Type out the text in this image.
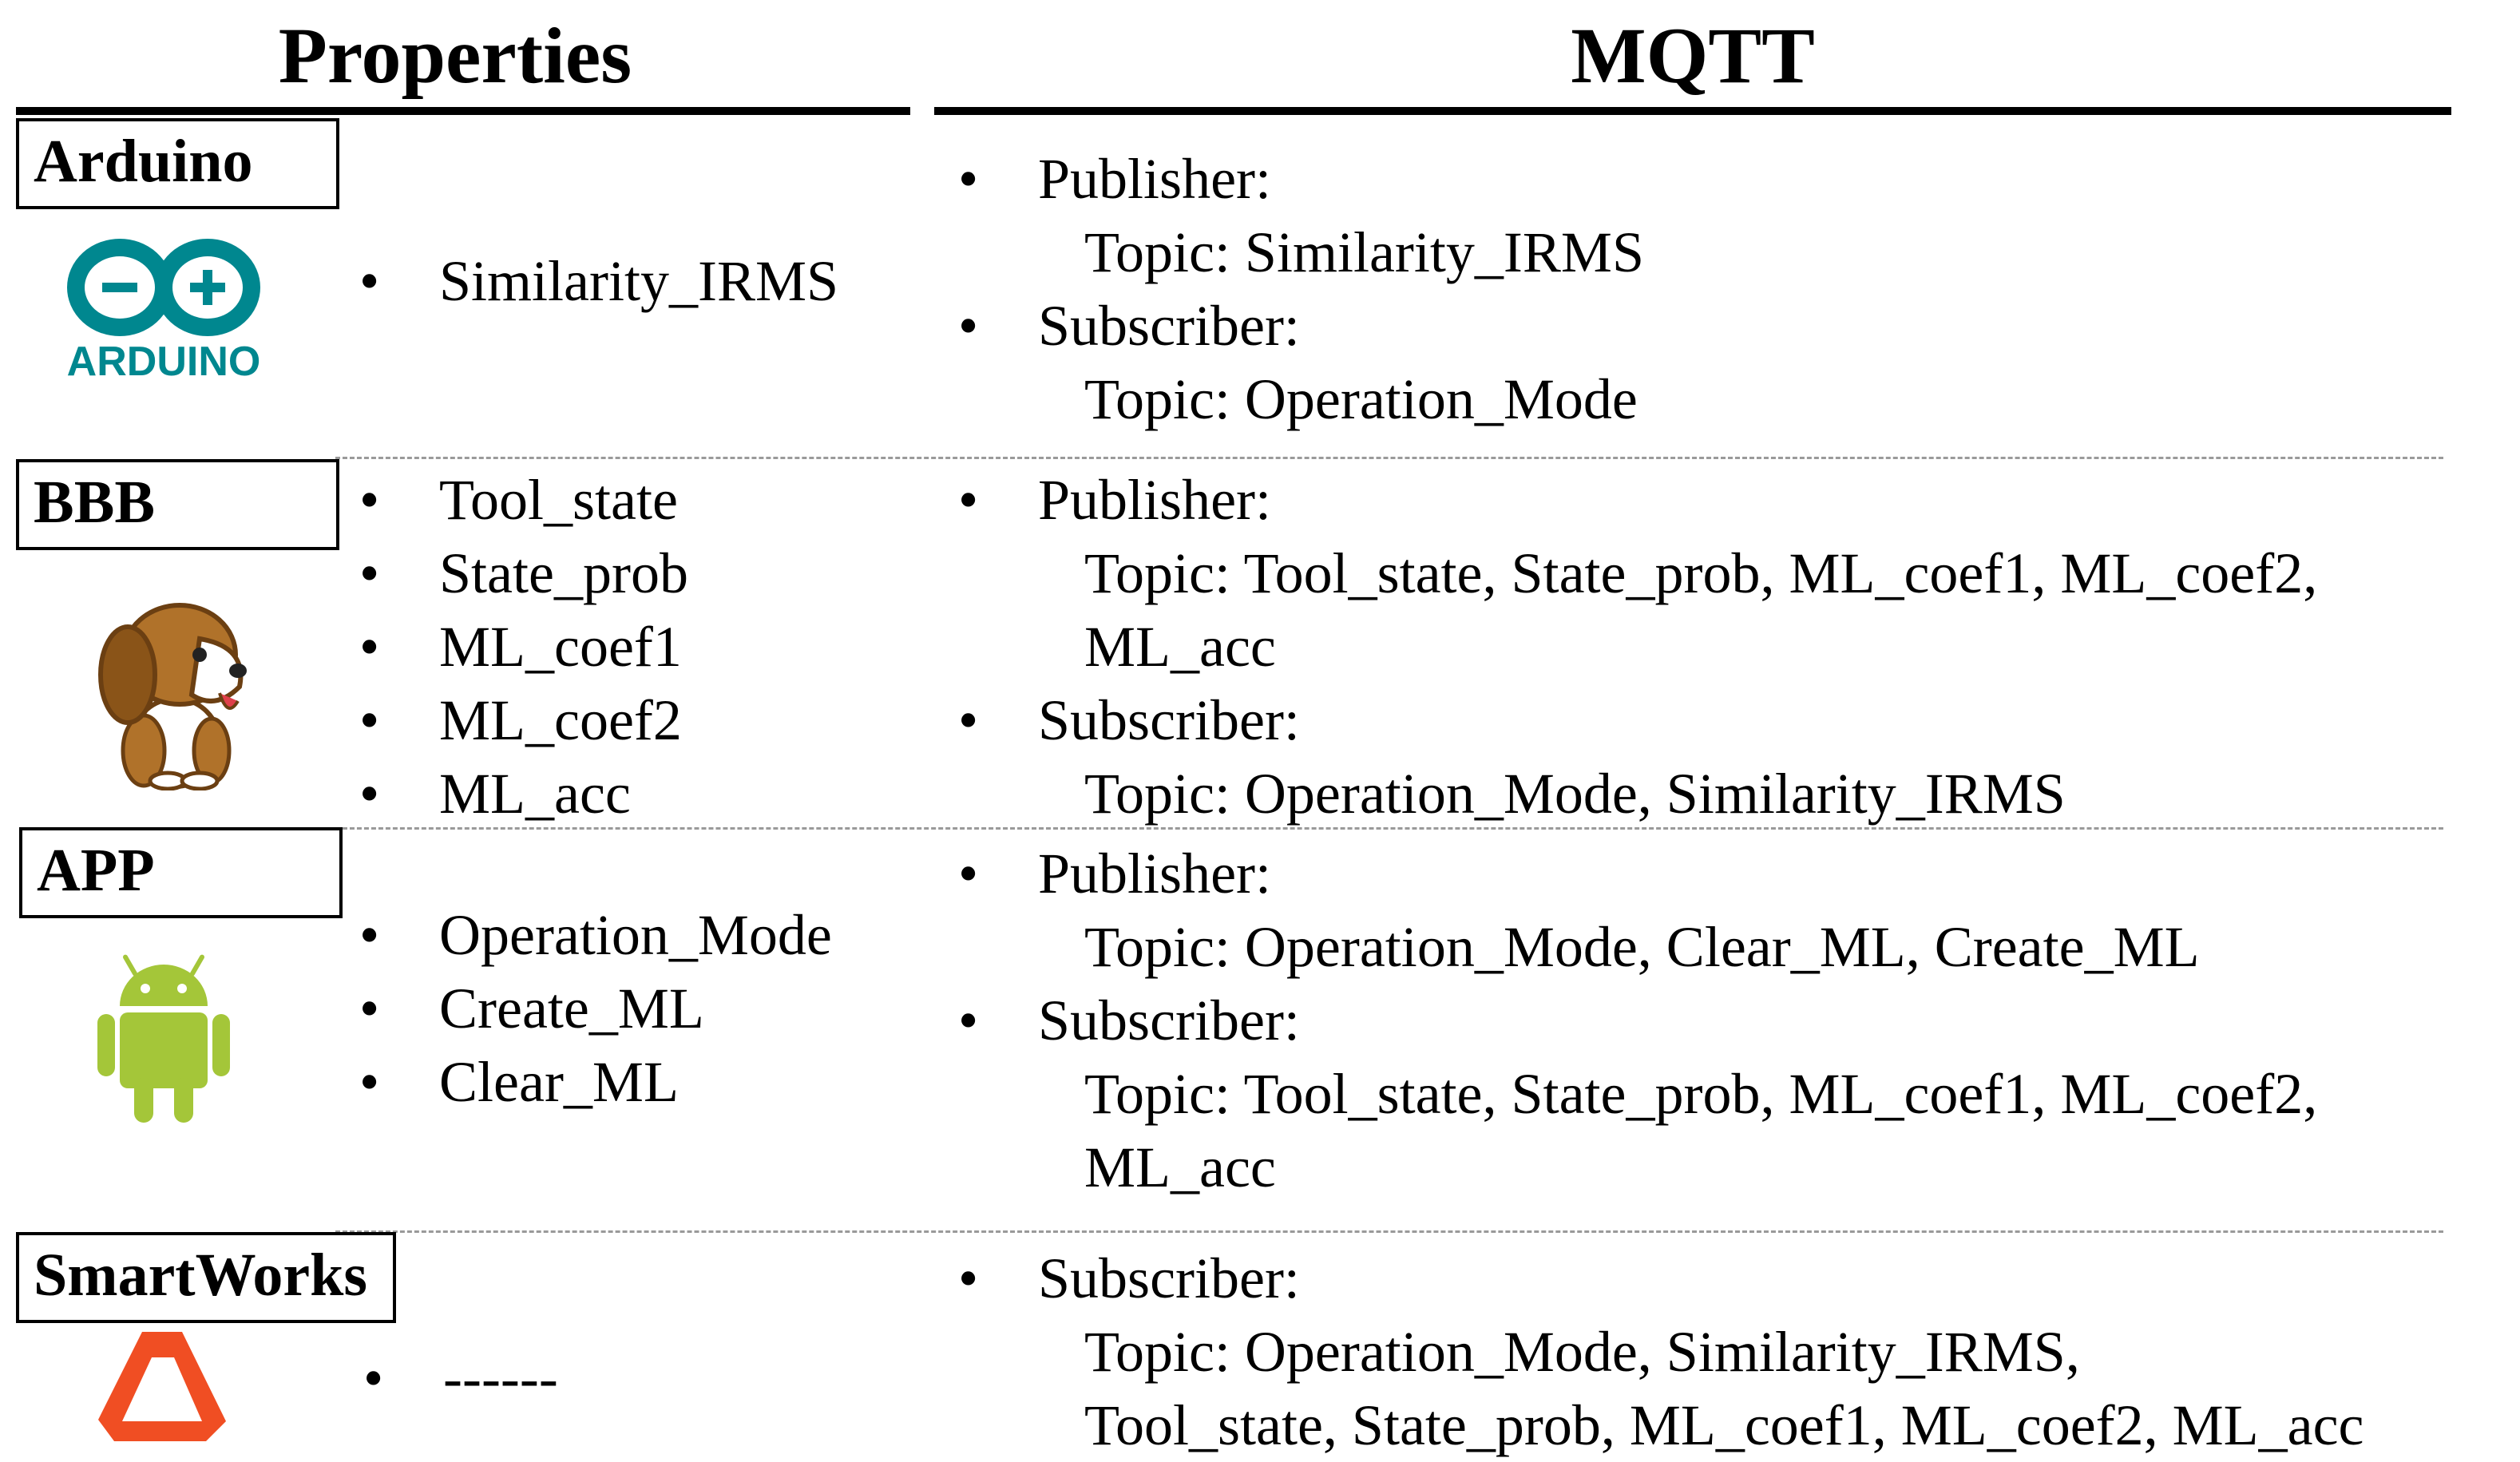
Properties	MQTT
Arduino
ARDUINO
• Similarity_IRMS
• Publisher:
Topic: Similarity_IRMS
• Subscriber:
Topic: Operation_Mode
BBB
•	Tool_state
• State_prob
• ML_coef1
• ML_coef2
• ML_acc
• Publisher:
Topic: Tool_state, State_prob, ML_coef1, ML_coef2,
ML_acc
• Subscriber:
Topic: Operation_Mode, Similarity_IRMS
APP
• Operation_Mode
• Create_ML
• Clear_ML
• Publisher:
Topic: Operation_Mode, Clear_ML, Create_ML
• Subscriber:
Topic: Tool_state, State_prob, ML_coef1, ML_coef2,
ML_acc
SmartWorks
• ------
• Subscriber:
Topic: Operation_Mode, Similarity_IRMS,
Tool_state, State_prob, ML_coef1, ML_coef2, ML_acc
